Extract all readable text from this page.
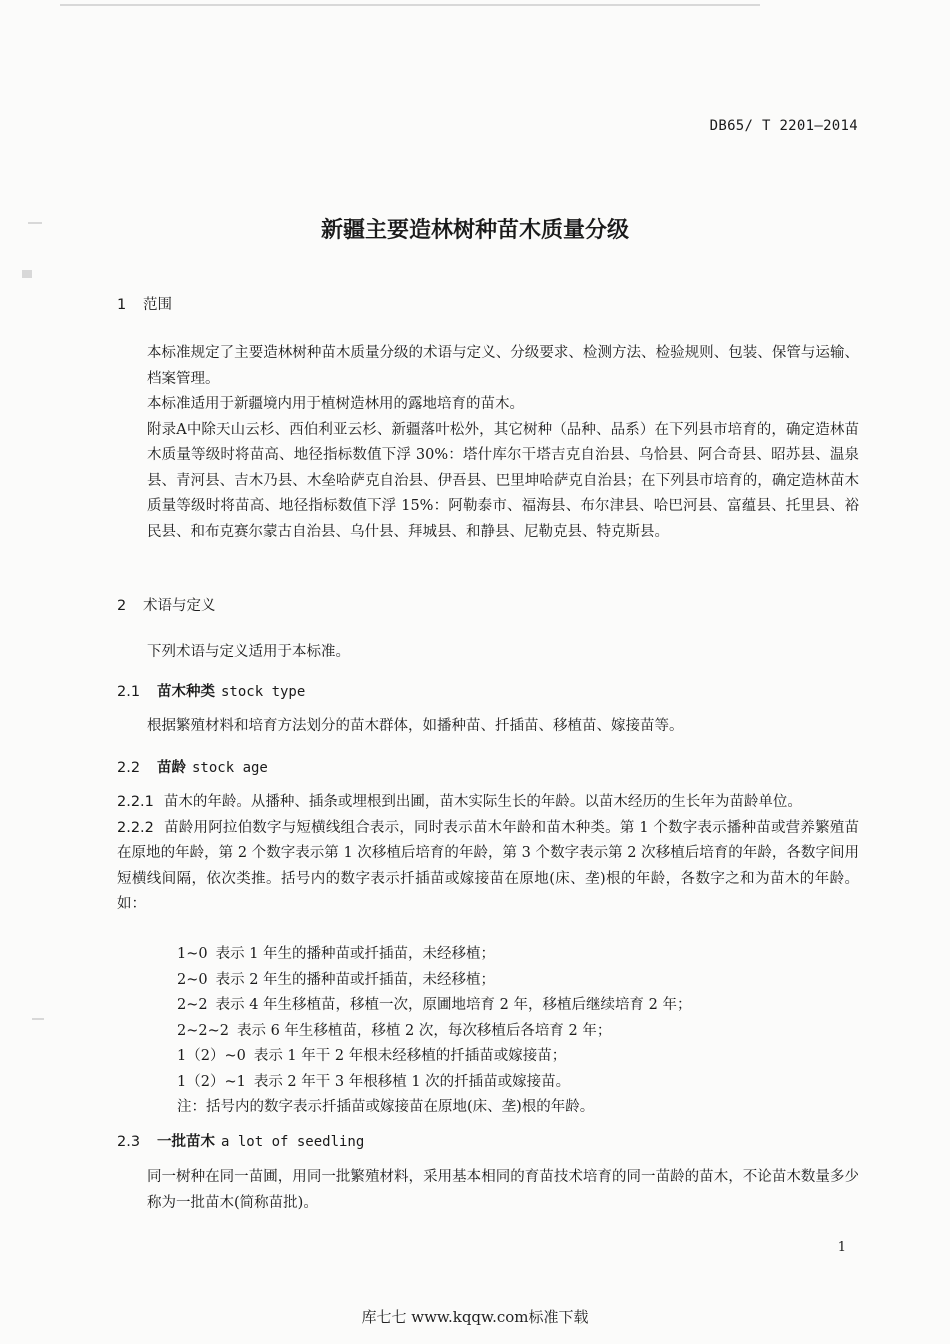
DB65/ T 2201—2014
新疆主要造林树种苗木质量分级
1 范围

本标准规定了主要造林树种苗木质量分级的术语与定义、分级要求、检测方法、检验规则、包装、保管与运输、档案管理。

本标准适用于新疆境内用于植树造林用的露地培育的苗木。

附录A中除天山云杉、西伯利亚云杉、新疆落叶松外，其它树种（品种、品系）在下列县市培育的，确定造林苗木质量等级时将苗高、地径指标数值下浮 30%：塔什库尔干塔吉克自治县、乌恰县、阿合奇县、昭苏县、温泉县、青河县、吉木乃县、木垒哈萨克自治县、伊吾县、巴里坤哈萨克自治县；在下列县市培育的，确定造林苗木质量等级时将苗高、地径指标数值下浮 15%：阿勒泰市、福海县、布尔津县、哈巴河县、富蕴县、托里县、裕民县、和布克赛尔蒙古自治县、乌什县、拜城县、和静县、尼勒克县、特克斯县。

2 术语与定义

下列术语与定义适用于本标准。

2.1 苗木种类 stock type

根据繁殖材料和培育方法划分的苗木群体，如播种苗、扦插苗、移植苗、嫁接苗等。

2.2 苗龄 stock age

2.2.1 苗木的年龄。从播种、插条或埋根到出圃，苗木实际生长的年龄。以苗木经历的生长年为苗龄单位。

2.2.2 苗龄用阿拉伯数字与短横线组合表示，同时表示苗木年龄和苗木种类。第 1 个数字表示播种苗或营养繁殖苗在原地的年龄，第 2 个数字表示第 1 次移植后培育的年龄，第 3 个数字表示第 2 次移植后培育的年龄，各数字间用短横线间隔，依次类推。括号内的数字表示扦插苗或嫁接苗在原地(床、垄)根的年龄，各数字之和为苗木的年龄。如：

1~0 表示 1 年生的播种苗或扦插苗，未经移植；

2~0 表示 2 年生的播种苗或扦插苗，未经移植；

2~2 表示 4 年生移植苗，移植一次，原圃地培育 2 年，移植后继续培育 2 年；

2~2~2 表示 6 年生移植苗，移植 2 次，每次移植后各培育 2 年；

1（2）~0 表示 1 年干 2 年根未经移植的扦插苗或嫁接苗；

1（2）~1 表示 2 年干 3 年根移植 1 次的扦插苗或嫁接苗。

注：括号内的数字表示扦插苗或嫁接苗在原地(床、垄)根的年龄。

2.3 一批苗木 a lot of seedling

同一树种在同一苗圃，用同一批繁殖材料，采用基本相同的育苗技术培育的同一苗龄的苗木，不论苗木数量多少称为一批苗木(简称苗批)。

1
库七七 www.kqqw.com标准下载
